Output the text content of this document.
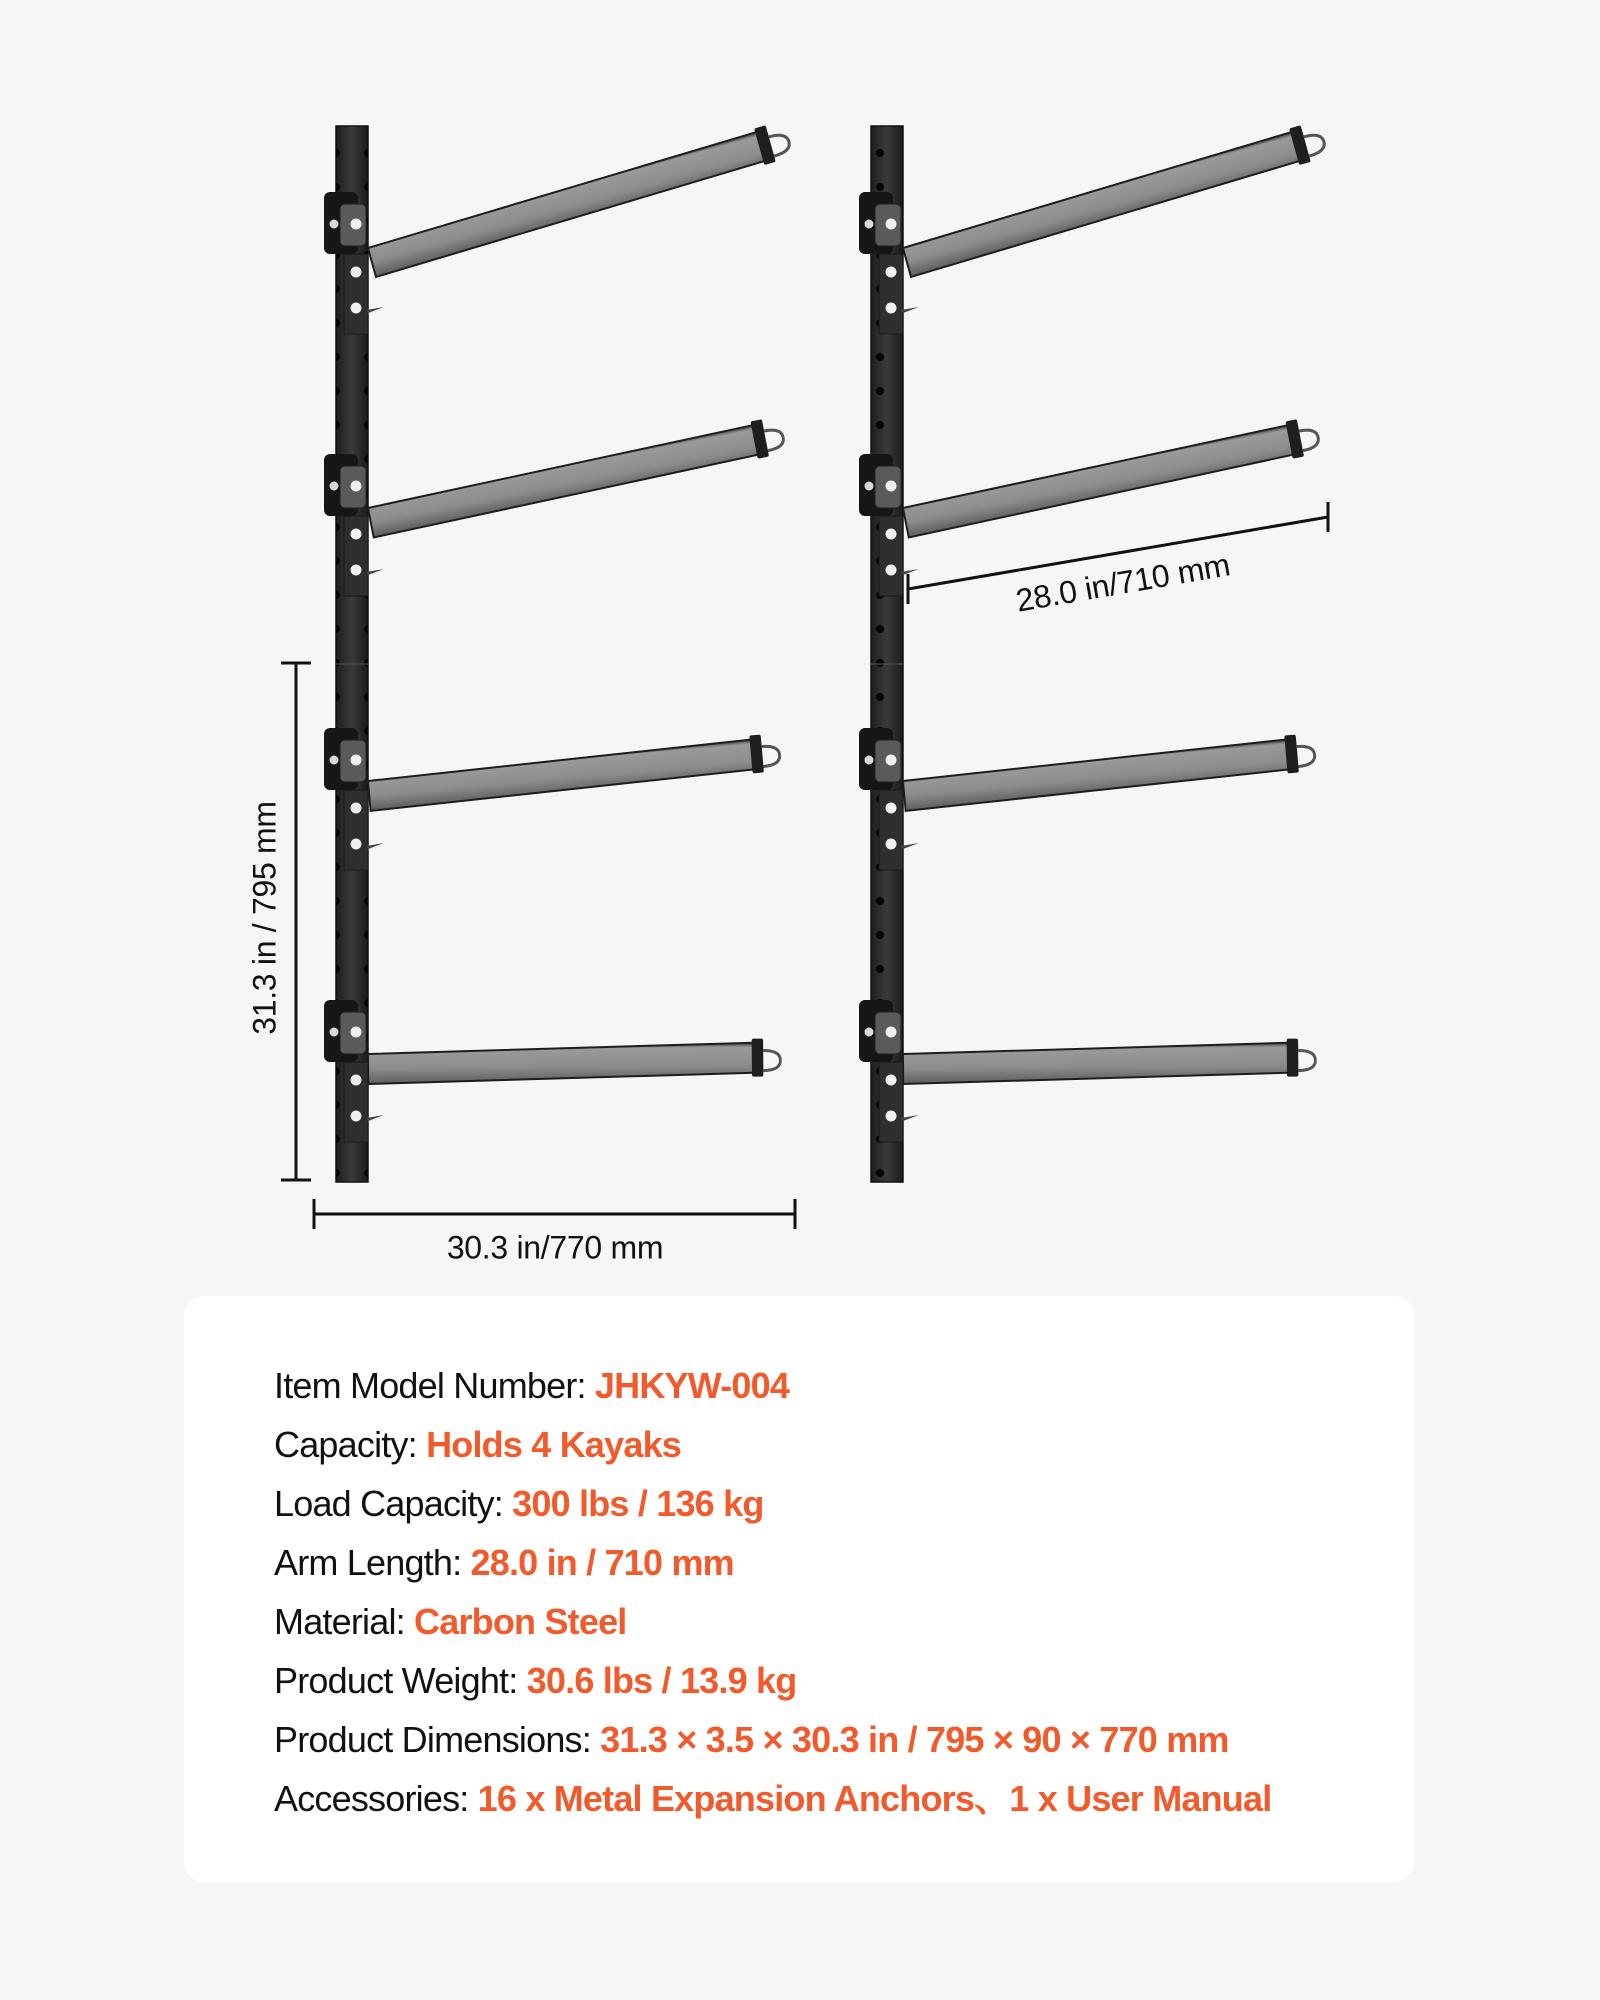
31.3 in / 795 mm
30.3 in/770 mm
28.0 in/710 mm
Item Model Number: JHKYW-004
Capacity: Holds 4 Kayaks
Load Capacity: 300 lbs / 136 kg
Arm Length: 28.0 in / 710 mm
Material: Carbon Steel
Product Weight: 30.6 lbs / 13.9 kg
Product Dimensions: 31.3 × 3.5 × 30.3 in / 795 × 90 × 770 mm
Accessories: 16 x Metal Expansion Anchors、1 x User Manual
